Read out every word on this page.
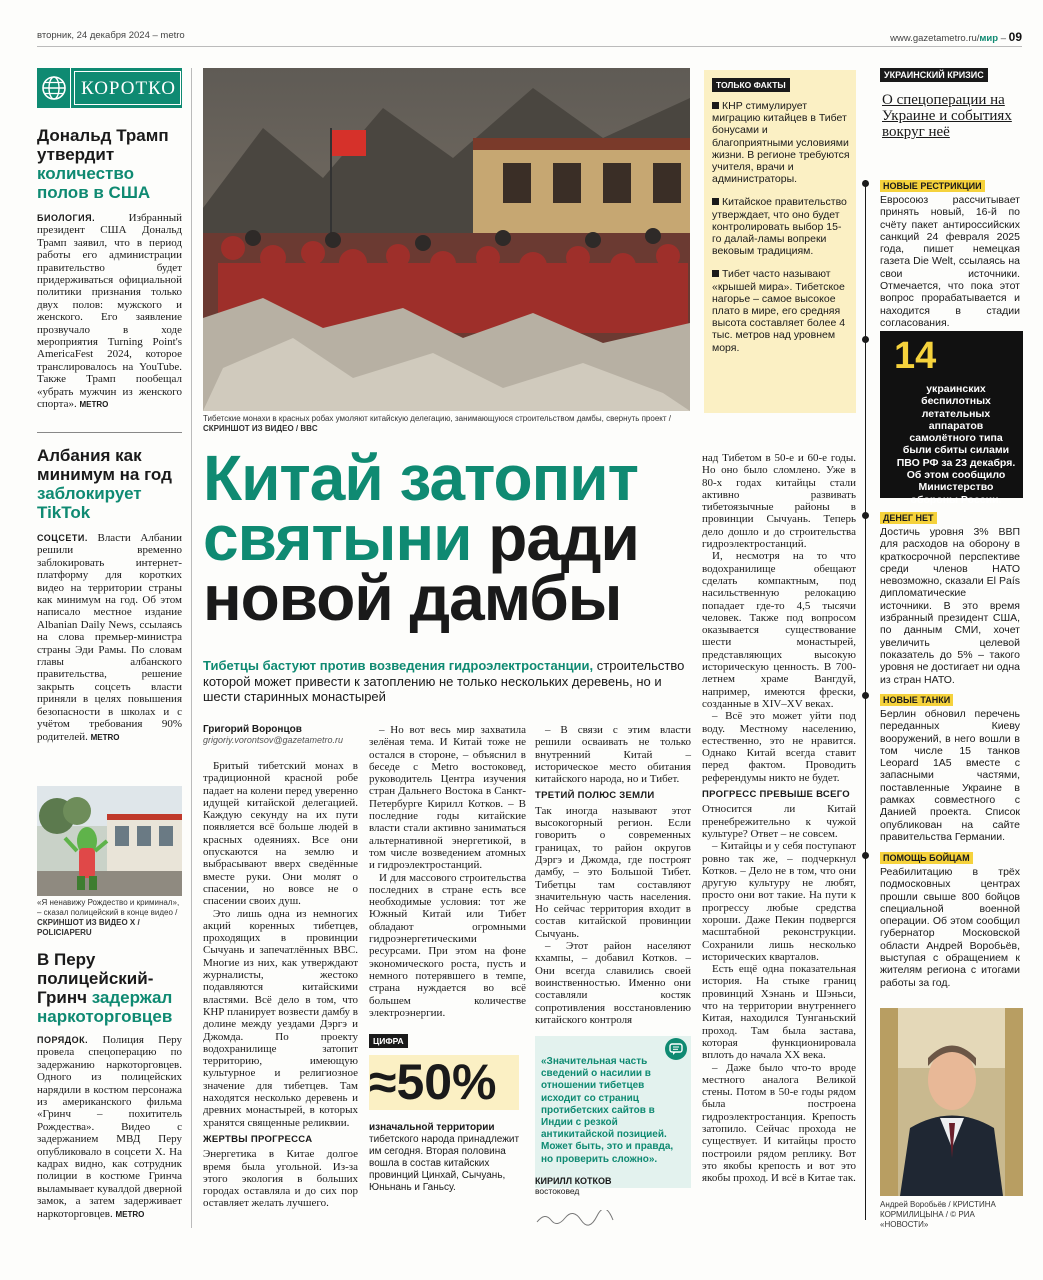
вторник, 24 декабря 2024 – metro	www.gazetametro.ru/мир – 09
КОРОТКО
Дональд Трамп утвердит
количество полов в США
БИОЛОГИЯ. Избранный президент США Дональд Трамп заявил, что в период работы его администрации правительство будет придерживаться официальной политики признания только двух полов: мужского и женского. Его заявление прозвучало в ходе мероприятия Turning Point's AmericaFest 2024, которое транслировалось на YouTube. Также Трамп пообещал «убрать мужчин из женского спорта». METRO
Албания как минимум на год
заблокирует TikTok
СОЦСЕТИ. Власти Албании решили временно заблокировать интернет-платформу для коротких видео на территории страны как минимум на год. Об этом написало местное издание Albanian Daily News, ссылаясь на слова премьер-министра страны Эди Рамы. По словам главы албанского правительства, решение закрыть соцсеть власти приняли в целях повышения безопасности в школах и с учётом требования 90% родителей. METRO
«Я ненавижу Рождество и криминал», – сказал полицейский в конце видео / СКРИНШОТ ИЗ ВИДЕО X / POLICIAPERU
В Перу полицейский-Гринч задержал наркоторговцев
ПОРЯДОК. Полиция Перу провела спецоперацию по задержанию наркоторговцев. Одного из полицейских нарядили в костюм персонажа из американского фильма «Гринч – похититель Рождества». Видео с задержанием МВД Перу опубликовало в соцсети X. На кадрах видно, как сотрудник полиции в костюме Гринча выламывает кувалдой дверной замок, а затем задерживает наркоторговцев. METRO
Тибетские монахи в красных робах умоляют китайскую делегацию, занимающуюся строительством дамбы, свернуть проект / СКРИНШОТ ИЗ ВИДЕО / BBC
ТОЛЬКО ФАКТЫ

КНР стимулирует миграцию китайцев в Тибет бонусами и благоприятными условиями жизни. В регионе требуются учителя, врачи и администраторы.

Китайское правительство утверждает, что оно будет контролировать выбор 15-го далай-ламы вопреки вековым традициям.

Тибет часто называют «крышей мира». Тибетское нагорье – самое высокое плато в мире, его средняя высота составляет более 4 тыс. метров над уровнем моря.

Китай затопит святыни ради новой дамбы
Тибетцы бастуют против возведения гидроэлектростанции, строительство которой может привести к затоплению не только нескольких деревень, но и шести старинных монастырей
Григорий Воронцов
grigoriy.vorontsov@gazetametro.ru

Бритый тибетский монах в традиционной красной робе падает на колени перед уверенно идущей китайской делегацией. Каждую секунду на их пути появляется всё больше людей в красных одеяниях. Все они опускаются на землю и выбрасывают вверх сведённые вместе руки. Они молят о спасении, но вовсе не о спасении своих душ.

Это лишь одна из немногих акций коренных тибетцев, проходящих в провинции Сычуань и запечатлённых BBC. Многие из них, как утверждают журналисты, жестоко подавляются китайскими властями. Всё дело в том, что КНР планирует возвести дамбу в долине между уездами Дэргэ и Джомда. По проекту водохранилище затопит территорию, имеющую культурное и религиозное значение для тибетцев. Там находятся несколько деревень и древних монастырей, в которых хранятся священные реликвии.

ЖЕРТВЫ ПРОГРЕССА
Энергетика в Китае долгое время была угольной. Из-за этого экология в больших городах оставляла и до сих пор оставляет желать лучшего.

– Но вот весь мир захватила зелёная тема. И Китай тоже не остался в стороне, – объяснил в беседе с Metro востоковед, руководитель Центра изучения стран Дальнего Востока в Санкт-Петербурге Кирилл Котков. – В последние годы китайские власти стали активно заниматься альтернативной энергетикой, в том числе возведением атомных и гидроэлектростанций.

И для массового строительства последних в стране есть все необходимые условия: тот же Южный Китай или Тибет обладают огромными гидроэнергетическими ресурсами. При этом на фоне экономического роста, пусть и немного потерявшего в темпе, страна нуждается во всё большем количестве электроэнергии.

ЦИФРА
≈50%
изначальной территории тибетского народа принадлежит им сегодня. Вторая половина вошла в состав китайских провинций Цинхай, Сычуань, Юньнань и Ганьсу.

– В связи с этим власти решили осваивать не только внутренний Китай – историческое место обитания китайского народа, но и Тибет.

ТРЕТИЙ ПОЛЮС ЗЕМЛИ
Так иногда называют этот высокогорный регион. Если говорить о современных границах, то район округов Дэргэ и Джомда, где построят дамбу, – это Большой Тибет. Тибетцы там составляют значительную часть населения. Но сейчас территория входит в состав китайской провинции Сычуань.

– Этот район населяют кхампы, – добавил Котков. – Они всегда славились своей воинственностью. Именно они составляли костяк сопротивления восстановлению китайского контроля

«Значительная часть сведений о насилии в отношении тибетцев исходит со страниц протибетских сайтов в Индии с резкой антикитайской позицией. Может быть, это и правда, но проверить сложно».
КИРИЛЛ КОТКОВ
востоковед
над Тибетом в 50-е и 60-е годы. Но оно было сломлено. Уже в 80-х годах китайцы стали активно развивать тибетоязычные районы в провинции Сычуань. Теперь дело дошло и до строительства гидроэлектростанций.

И, несмотря на то что водохранилище обещают сделать компактным, под насильственную релокацию попадает где-то 4,5 тысячи человек. Также под вопросом оказывается существование шести монастырей, представляющих высокую историческую ценность. В 700-летнем храме Вангдуй, например, имеются фрески, созданные в XIV–XV веках.

– Всё это может уйти под воду. Местному населению, естественно, это не нравится. Однако Китай всегда ставит перед фактом. Проводить референдумы никто не будет.

ПРОГРЕСС ПРЕВЫШЕ ВСЕГО
Относится ли Китай пренебрежительно к чужой культуре? Ответ – не совсем.

– Китайцы и у себя поступают ровно так же, – подчеркнул Котков. – Дело не в том, что они другую культуру не любят, просто они вот такие. На пути к прогрессу любые средства хороши. Даже Пекин подвергся масштабной реконструкции. Сохранили лишь несколько исторических кварталов.

Есть ещё одна показательная история. На стыке границ провинций Хэнань и Шэньси, что на территории внутреннего Китая, находился Тунганьский проход. Там была застава, которая функционировала вплоть до начала XX века.

– Даже было что-то вроде местного аналога Великой стены. Потом в 50-е годы рядом была построена гидроэлектростанция. Крепость затопило. Сейчас прохода не существует. И китайцы просто построили рядом реплику. Вот это якобы крепость и вот это якобы проход. И всё в Китае так.

УКРАИНСКИЙ КРИЗИС
О спецоперации на Украине и событиях вокруг неё
НОВЫЕ РЕСТРИКЦИИ
Евросоюз рассчитывает принять новый, 16-й по счёту пакет антироссийских санкций 24 февраля 2025 года, пишет немецкая газета Die Welt, ссылаясь на свои источники. Отмечается, что пока этот вопрос прорабатывается и находится в стадии согласования.
14
украинских беспилотных летательных аппаратов самолётного типа были сбиты силами ПВО РФ за 23 декабря. Об этом сообщило Министерство обороны России.
ДЕНЕГ НЕТ
Достичь уровня 3% ВВП для расходов на оборону в краткосрочной перспективе среди членов НАТО невозможно, сказали El País дипломатические источники. В это время избранный президент США, по данным СМИ, хочет увеличить целевой показатель до 5% – такого уровня не достигает ни одна из стран НАТО.
НОВЫЕ ТАНКИ
Берлин обновил перечень переданных Киеву вооружений, в него вошли в том числе 15 танков Leopard 1A5 вместе с запасными частями, поставленные Украине в рамках совместного с Данией проекта. Список опубликован на сайте правительства Германии.
ПОМОЩЬ БОЙЦАМ
Реабилитацию в трёх подмосковных центрах прошли свыше 800 бойцов специальной военной операции. Об этом сообщил губернатор Московской области Андрей Воробьёв, выступая с обращением к жителям региона с итогами работы за год.
Андрей Воробьёв / КРИСТИНА КОРМИЛИЦЫНА / © РИА «НОВОСТИ»
